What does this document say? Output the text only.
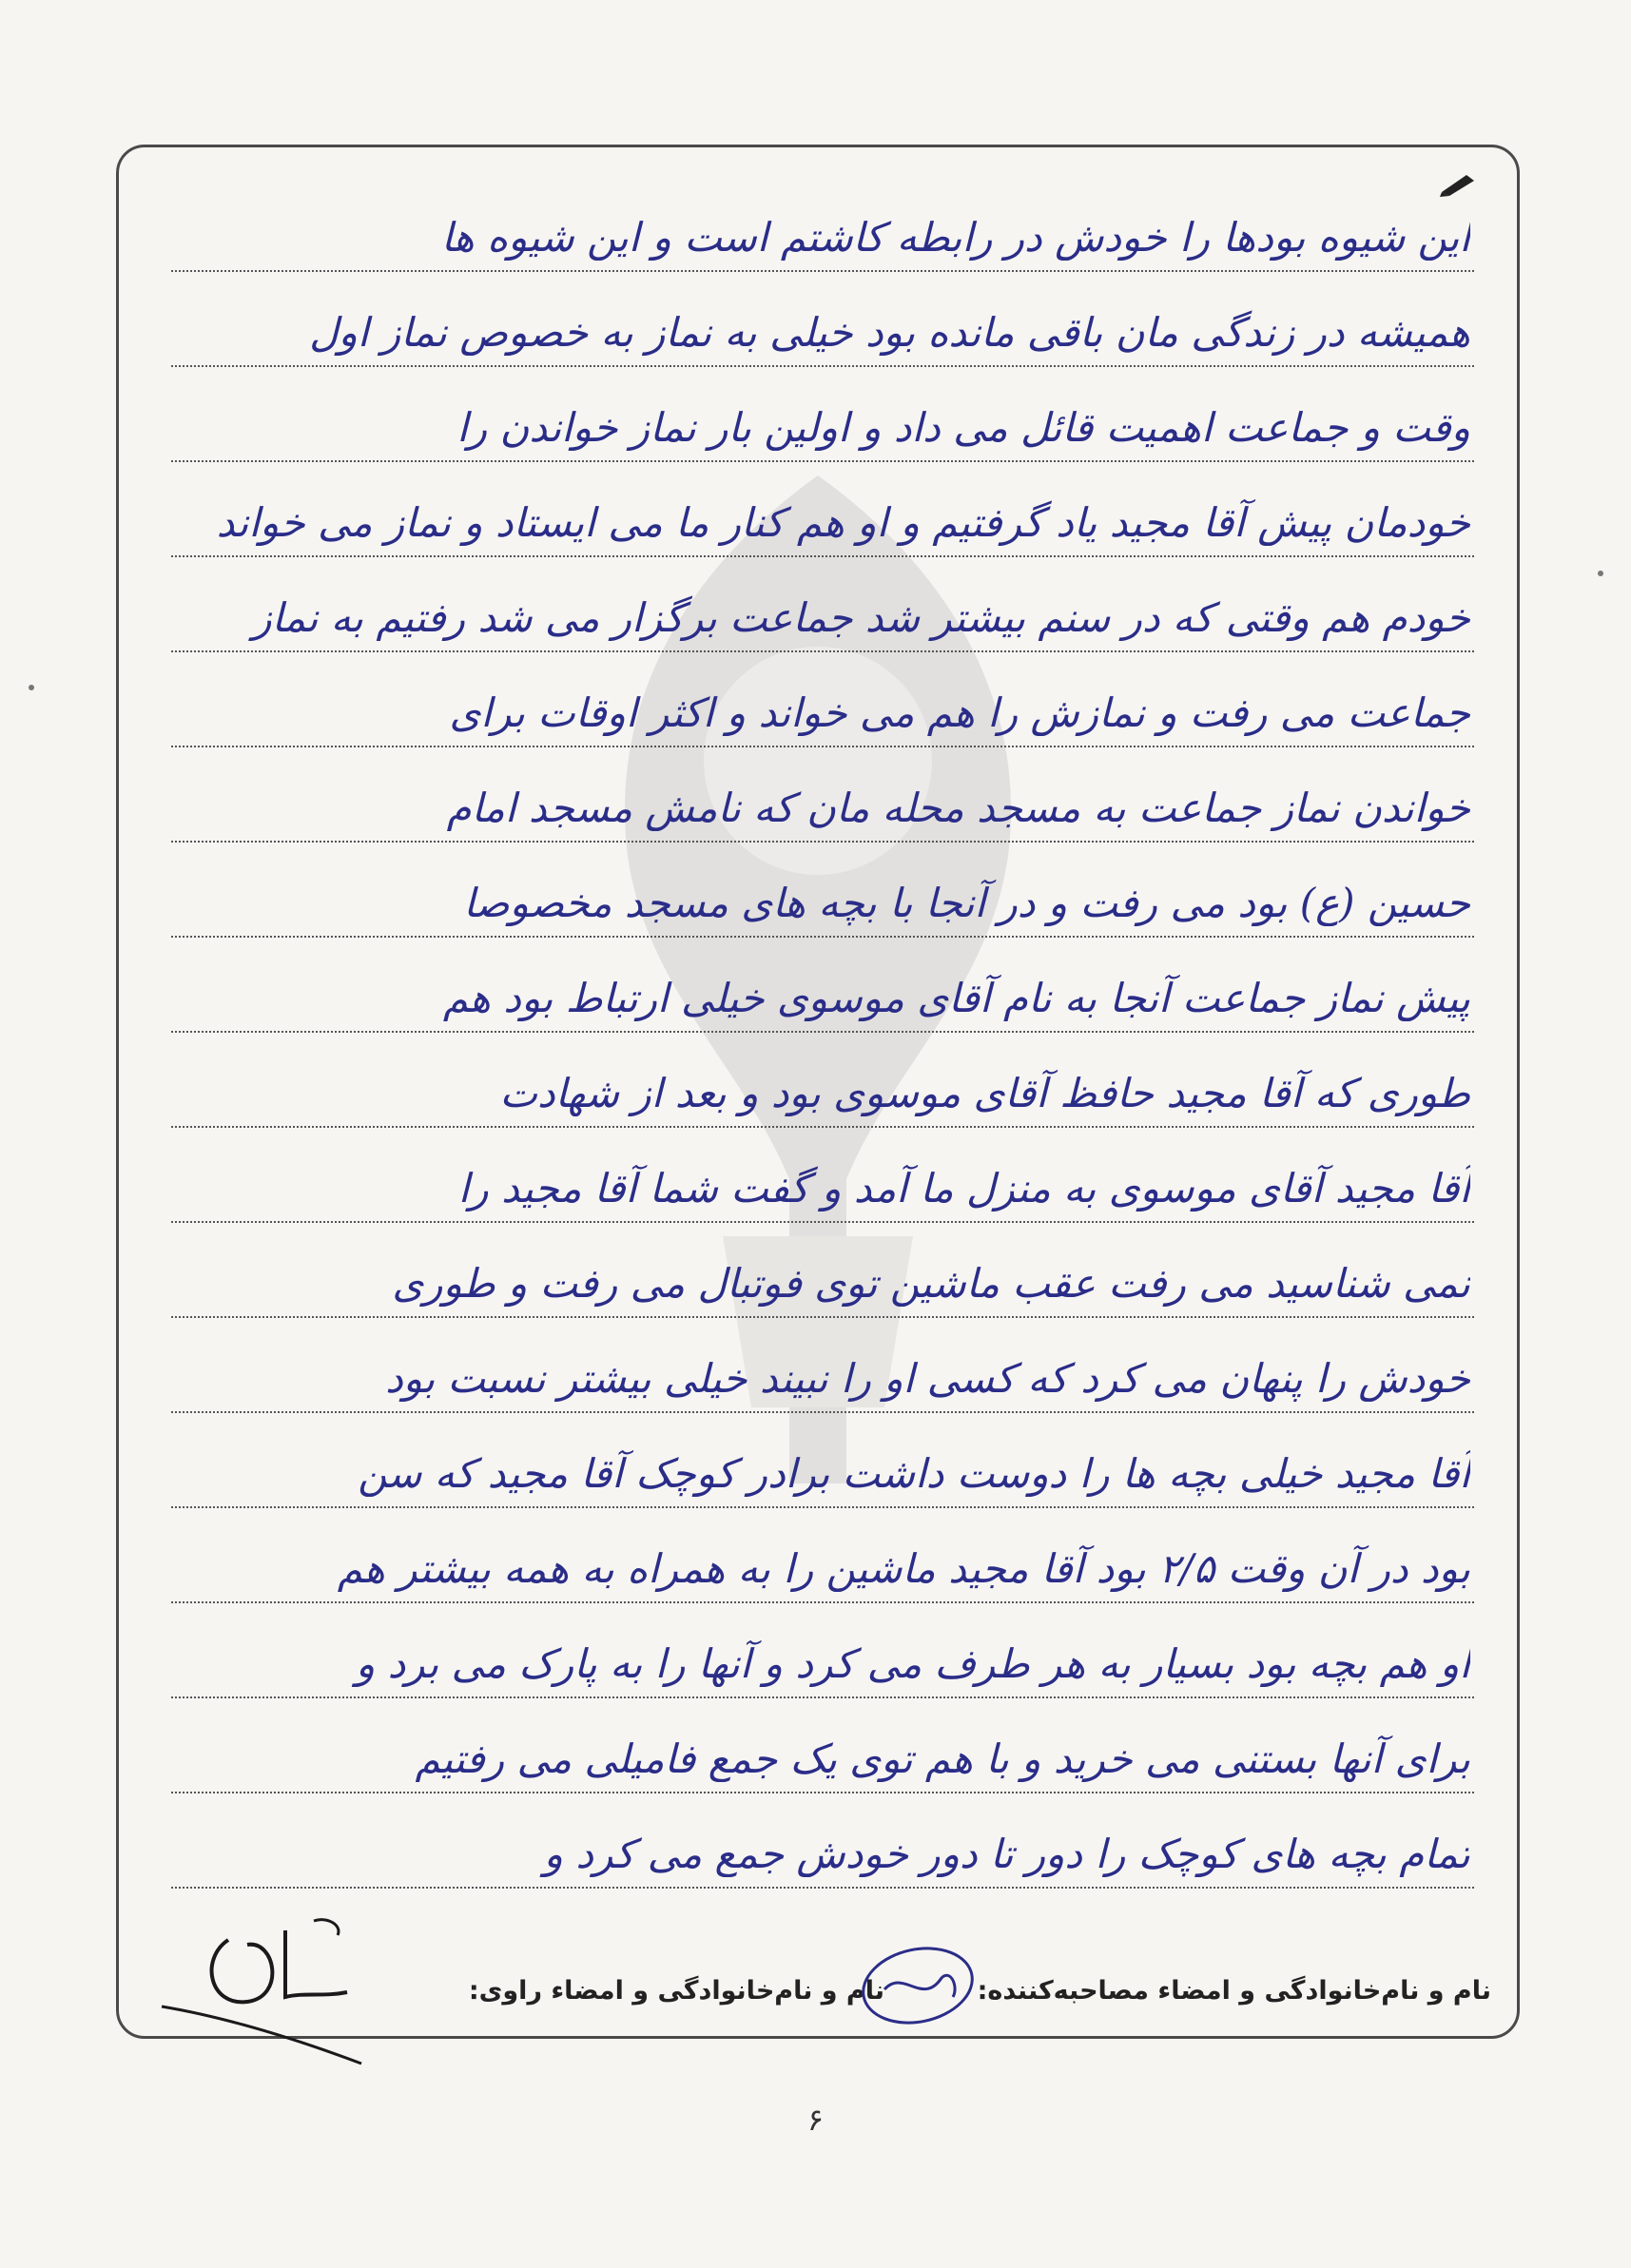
این شیوه بودها را خودش در رابطه کاشتم است و این شیوه ها
همیشه در زندگی مان باقی مانده بود خیلی به نماز به خصوص نماز اول
وقت و جماعت اهمیت قائل می داد و اولین بار نماز خواندن را
خودمان پیش آقا مجید یاد گرفتیم و او هم کنار ما می ایستاد و نماز می خواند
خودم هم وقتی که در سنم بیشتر شد جماعت برگزار می شد رفتیم به نماز
جماعت می رفت و نمازش را هم می خواند و اکثر اوقات برای
خواندن نماز جماعت به مسجد محله مان که نامش مسجد امام
حسین (ع) بود می رفت و در آنجا با بچه های مسجد مخصوصا
پیش نماز جماعت آنجا به نام آقای موسوی خیلی ارتباط بود هم
طوری که آقا مجید حافظ آقای موسوی بود و بعد از شهادت
آقا مجید آقای موسوی به منزل ما آمد و گفت شما آقا مجید را
نمی شناسید می رفت عقب ماشین توی فوتبال می رفت و طوری
خودش را پنهان می کرد که کسی او را نبیند خیلی بیشتر نسبت بود
آقا مجید خیلی بچه ها را دوست داشت برادر کوچک آقا مجید که سن
بود در آن وقت ۲/۵ بود آقا مجید ماشین را به همراه به همه بیشتر هم
او هم بچه بود بسیار به هر طرف می کرد و آنها را به پارک می برد و
برای آنها بستنی می خرید و با هم توی یک جمع فامیلی می رفتیم
تمام بچه های کوچک را دور تا دور خودش جمع می کرد و
نام و نام‌خانوادگی و امضاء مصاحبه‌کننده:
نام و نام‌خانوادگی و امضاء راوی:
۶
